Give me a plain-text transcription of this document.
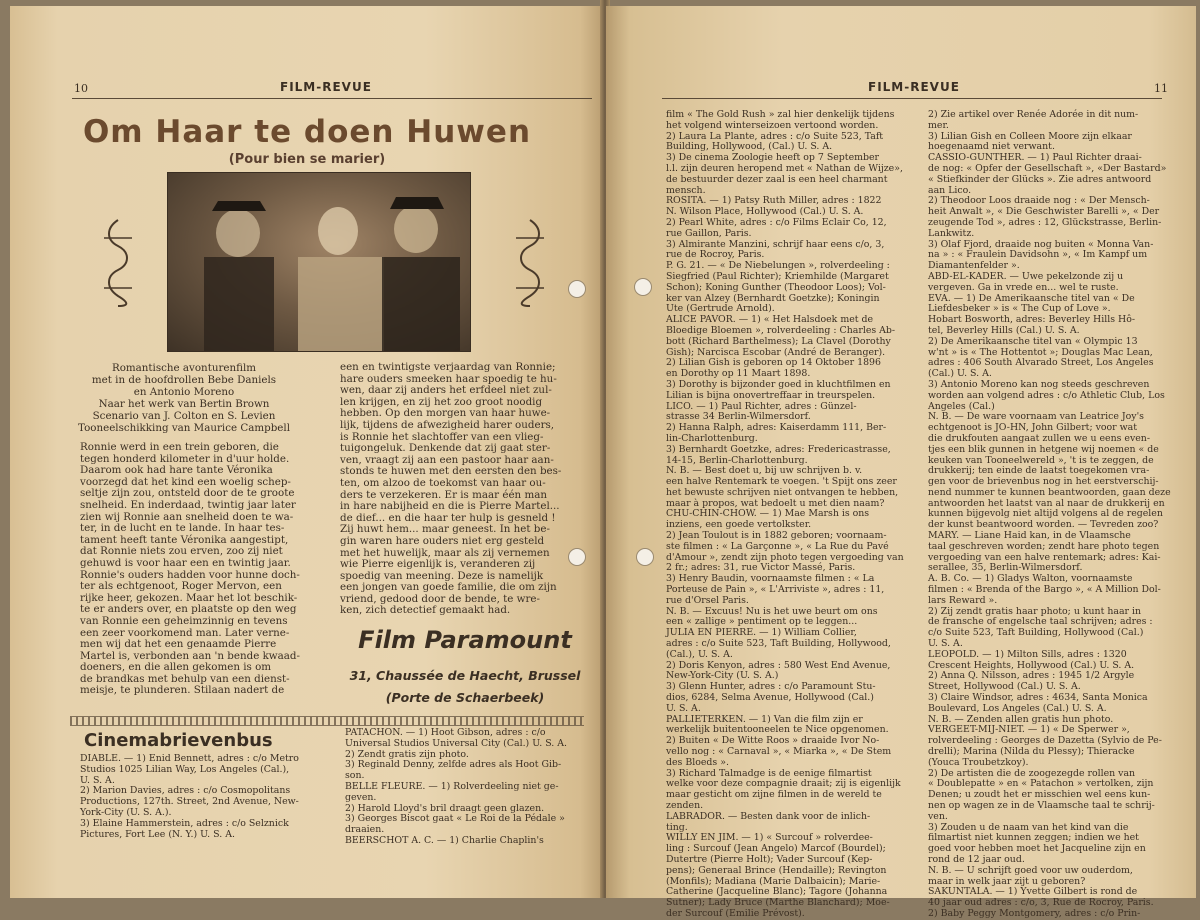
10	FILM-REVUE
Om Haar te doen Huwen
(Pour bien se marier)
Romantische avonturenfilm
met in de hoofdrollen Bebe Daniels
en Antonio Moreno
Naar het werk van Bertin Brown
Scenario van J. Colton en S. Levien
Tooneelschikking van Maurice Campbell
Ronnie werd in een trein geboren, die
tegen honderd kilometer in d'uur holde.
Daarom ook had hare tante Véronika
voorzegd dat het kind een woelig schep-
seltje zijn zou, ontsteld door de te groote
snelheid. En inderdaad, twintig jaar later
zien wij Ronnie aan snelheid doen te wa-
ter, in de lucht en te lande. In haar tes-
tament heeft tante Véronika aangestipt,
dat Ronnie niets zou erven, zoo zij niet
gehuwd is voor haar een en twintig jaar.
Ronnie's ouders hadden voor hunne doch-
ter als echtgenoot, Roger Mervon, een
rijke heer, gekozen. Maar het lot beschik-
te er anders over, en plaatste op den weg
van Ronnie een geheimzinnig en tevens
een zeer voorkomend man. Later verne-
men wij dat het een genaamde Pierre
Martel is, verbonden aan 'n bende kwaad-
doeners, en die allen gekomen is om
de brandkas met behulp van een dienst-
meisje, te plunderen. Stilaan nadert de
een en twintigste verjaardag van Ronnie;
hare ouders smeeken haar spoedig te hu-
wen, daar zij anders het erfdeel niet zul-
len krijgen, en zij het zoo groot noodig
hebben. Op den morgen van haar huwe-
lijk, tijdens de afwezigheid harer ouders,
is Ronnie het slachtoffer van een vlieg-
tuigongeluk. Denkende dat zij gaat ster-
ven, vraagt zij aan een pastoor haar aan-
stonds te huwen met den eersten den bes-
ten, om alzoo de toekomst van haar ou-
ders te verzekeren. Er is maar één man
in hare nabijheid en die is Pierre Martel...
de dief... en die haar ter hulp is gesneld !
Zij huwt hem... maar geneest. In het be-
gin waren hare ouders niet erg gesteld
met het huwelijk, maar als zij vernemen
wie Pierre eigenlijk is, veranderen zij
spoedig van meening. Deze is namelijk
een jongen van goede familie, die om zijn
vriend, gedood door de bende, te wre-
ken, zich detectief gemaakt had.
Film Paramount
31, Chaussée de Haecht, Brussel
(Porte de Schaerbeek)
Cinemabrievenbus
DIABLE. — 1) Enid Bennett, adres : c/o Metro
Studios 1025 Lilian Way, Los Angeles (Cal.),
U. S. A.
2) Marion Davies, adres : c/o Cosmopolitans
Productions, 127th. Street, 2nd Avenue, New-
York-City (U. S. A.).
3) Elaine Hammerstein, adres : c/o Selznick
Pictures, Fort Lee (N. Y.) U. S. A.
PATACHON. — 1) Hoot Gibson, adres : c/o
Universal Studios Universal City (Cal.) U. S. A.
2) Zendt gratis zijn photo.
3) Reginald Denny, zelfde adres als Hoot Gib-
son.
BELLE FLEURE. — 1) Rolverdeeling niet ge-
geven.
2) Harold Lloyd's bril draagt geen glazen.
3) Georges Biscot gaat « Le Roi de la Pédale »
draaien.
BEERSCHOT A. C. — 1) Charlie Chaplin's
FILM-REVUE	11
film « The Gold Rush » zal hier denkelijk tijdens
het volgend winterseizoen vertoond worden.
2) Laura La Plante, adres : c/o Suite 523, Taft
Building, Hollywood, (Cal.) U. S. A.
3) De cinema Zoologie heeft op 7 September
l.l. zijn deuren heropend met « Nathan de Wijze»,
de bestuurder dezer zaal is een heel charmant
mensch.
ROSITA. — 1) Patsy Ruth Miller, adres : 1822
N. Wilson Place, Hollywood (Cal.) U. S. A.
2) Pearl White, adres : c/o Films Eclair Co, 12,
rue Gaillon, Paris.
3) Almirante Manzini, schrijf haar eens c/o, 3,
rue de Rocroy, Paris.
P. G. 21. — « De Niebelungen », rolverdeeling :
Siegfried (Paul Richter); Kriemhilde (Margaret
Schon); Koning Gunther (Theodoor Loos); Vol-
ker van Alzey (Bernhardt Goetzke); Koningin
Ute (Gertrude Arnold).
ALICE PAVOR. — 1) « Het Halsdoek met de
Bloedige Bloemen », rolverdeeling : Charles Ab-
bott (Richard Barthelmess); La Clavel (Dorothy
Gish); Narcisca Escobar (André de Beranger).
2) Lilian Gish is geboren op 14 Oktober 1896
en Dorothy op 11 Maart 1898.
3) Dorothy is bijzonder goed in kluchtfilmen en
Lilian is bijna onovertreffaar in treurspelen.
LICO. — 1) Paul Richter, adres : Günzel-
strasse 34 Berlin-Wilmersdorf.
2) Hanna Ralph, adres: Kaiserdamm 111, Ber-
lin-Charlottenburg.
3) Bernhardt Goetzke, adres: Fredericastrasse,
14-15, Berlin-Charlottenburg.
N. B. — Best doet u, bij uw schrijven b. v.
een halve Rentemark te voegen. 't Spijt ons zeer
het bewuste schrijven niet ontvangen te hebben,
maar à propos, wat bedoelt u met dien naam?
CHU-CHIN-CHOW. — 1) Mae Marsh is ons
inziens, een goede vertolkster.
2) Jean Toulout is in 1882 geboren; voornaam-
ste filmen : « La Garçonne », « La Rue du Pavé
d'Amour », zendt zijn photo tegen vergoeding van
2 fr.; adres: 31, rue Victor Massé, Paris.
3) Henry Baudin, voornaamste filmen : « La
Porteuse de Pain », « L'Arriviste », adres : 11,
rue d'Orsel Paris.
N. B. — Excuus! Nu is het uwe beurt om ons
een « zallige » pentiment op te leggen...
JULIA EN PIERRE. — 1) William Collier,
adres : c/o Suite 523, Taft Building, Hollywood,
(Cal.), U. S. A.
2) Doris Kenyon, adres : 580 West End Avenue,
New-York-City (U. S. A.)
3) Glenn Hunter, adres : c/o Paramount Stu-
dios, 6284, Selma Avenue, Hollywood (Cal.)
U. S. A.
PALLIETERKEN. — 1) Van die film zijn er
werkelijk buitentooneelen te Nice opgenomen.
2) Buiten « De Witte Roos » draaide Ivor No-
vello nog : « Carnaval », « Miarka », « De Stem
des Bloeds ».
3) Richard Talmadge is de eenige filmartist
welke voor deze compagnie draait; zij is eigenlijk
maar gesticht om zijne filmen in de wereld te
zenden.
LABRADOR. — Besten dank voor de inlich-
ting.
WILLY EN JIM. — 1) « Surcouf » rolverdee-
ling : Surcouf (Jean Angelo) Marcof (Bourdel);
Dutertre (Pierre Holt); Vader Surcouf (Kep-
pens); Generaal Brince (Hendaille); Revington
(Monfils); Madiana (Marie Dalbaicin); Marie-
Catherine (Jacqueline Blanc); Tagore (Johanna
Sutner); Lady Bruce (Marthe Blanchard); Moe-
der Surcouf (Emilie Prévost).
2) Zie artikel over Renée Adorée in dit num-
mer.
3) Lilian Gish en Colleen Moore zijn elkaar
hoegenaamd niet verwant.
CASSIO-GUNTHER. — 1) Paul Richter draai-
de nog: « Opfer der Gesellschaft », «Der Bastard»
« Stiefkinder der Glücks ». Zie adres antwoord
aan Lico.
2) Theodoor Loos draaide nog : « Der Mensch-
heit Anwalt », « Die Geschwister Barelli », « Der
zeugende Tod », adres : 12, Glückstrasse, Berlin-
Lankwitz.
3) Olaf Fjord, draaide nog buiten « Monna Van-
na » : « Fraulein Davidsohn », « Im Kampf um
Diamantenfelder ».
ABD-EL-KADER. — Uwe pekelzonde zij u
vergeven. Ga in vrede en... wel te ruste.
EVA. — 1) De Amerikaansche titel van « De
Liefdesbeker » is « The Cup of Love ».
Hobart Bosworth, adres: Beverley Hills Hô-
tel, Beverley Hills (Cal.) U. S. A.
2) De Amerikaansche titel van « Olympic 13
w'nt » is « The Hottentot »; Douglas Mac Lean,
adres : 406 South Alvarado Street, Los Angeles
(Cal.) U. S. A.
3) Antonio Moreno kan nog steeds geschreven
worden aan volgend adres : c/o Athletic Club, Los
Angeles (Cal.)
N. B. — De ware voornaam van Leatrice Joy's
echtgenoot is JO-HN, John Gilbert; voor wat
die drukfouten aangaat zullen we u eens even-
tjes een blik gunnen in hetgene wij noemen « de
keuken van Tooneelwereld », 't is te zeggen, de
drukkerij; ten einde de laatst toegekomen vra-
gen voor de brievenbus nog in het eerstverschij-
nend nummer te kunnen beantwoorden, gaan deze
antwoorden het laatst van al naar de drukkerij en
kunnen bijgevolg niet altijd volgens al de regelen
der kunst beantwoord worden. — Tevreden zoo?
MARY. — Liane Haid kan, in de Vlaamsche
taal geschreven worden; zendt hare photo tegen
vergoeding van een halve rentemark; adres: Kai-
serallee, 35, Berlin-Wilmersdorf.
A. B. Co. — 1) Gladys Walton, voornaamste
filmen : « Brenda of the Bargo », « A Million Dol-
lars Reward ».
2) Zij zendt gratis haar photo; u kunt haar in
de fransche of engelsche taal schrijven; adres :
c/o Suite 523, Taft Building, Hollywood (Cal.)
U. S. A.
LEOPOLD. — 1) Milton Sills, adres : 1320
Crescent Heights, Hollywood (Cal.) U. S. A.
2) Anna Q. Nilsson, adres : 1945 1/2 Argyle
Street, Hollywood (Cal.) U. S. A.
3) Claire Windsor, adres : 4634, Santa Monica
Boulevard, Los Angeles (Cal.) U. S. A.
N. B. — Zenden allen gratis hun photo.
VERGEET-MIJ-NIET. — 1) « De Sperwer »,
rolverdeeling : Georges de Dazetta (Sylvio de Pe-
drelli); Marina (Nilda du Plessy); Thieracke
(Youca Troubetzkoy).
2) De artisten die de zoogezegde rollen van
« Doublepatte » en « Patachon » vertolken, zijn
Denen; u zoudt het er misschien wel eens kun-
nen op wagen ze in de Vlaamsche taal te schrij-
ven.
3) Zouden u de naam van het kind van die
filmartist niet kunnen zeggen; indien we het
goed voor hebben moet het Jacqueline zijn en
rond de 12 jaar oud.
N. B. — U schrijft goed voor uw ouderdom,
maar in welk jaar zijt u geboren?
SAKUNTALA. — 1) Yvette Gilbert is rond de
40 jaar oud adres : c/o, 3, Rue de Rocroy, Paris.
2) Baby Peggy Montgomery, adres : c/o Prin-
